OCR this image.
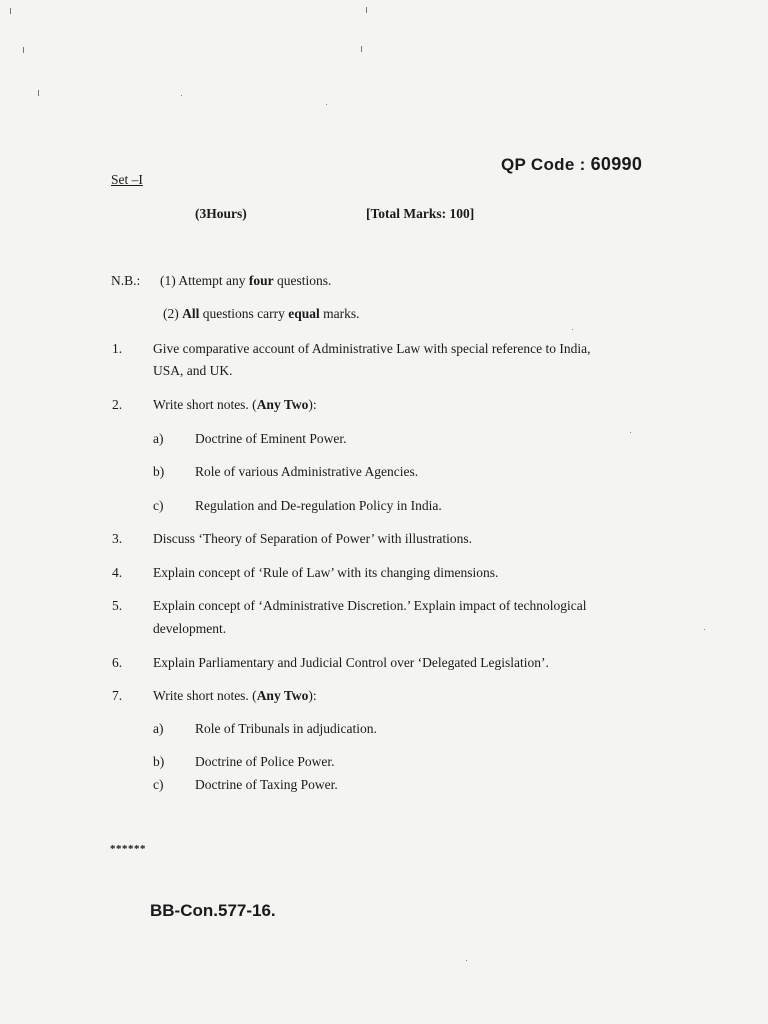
QP Code : 60990
Set –I
(3Hours)	[Total Marks: 100]
N.B.: (1) Attempt any four questions.
(2) All questions carry equal marks.
1. Give comparative account of Administrative Law with special reference to India,
USA, and UK.
2. Write short notes. (Any Two):
a) Doctrine of Eminent Power.
b) Role of various Administrative Agencies.
c) Regulation and De-regulation Policy in India.
3. Discuss ‘Theory of Separation of Power’ with illustrations.
4. Explain concept of ‘Rule of Law’ with its changing dimensions.
5. Explain concept of ‘Administrative Discretion.’ Explain impact of technological
development.
6. Explain Parliamentary and Judicial Control over ‘Delegated Legislation’.
7. Write short notes. (Any Two):
a) Role of Tribunals in adjudication.
b) Doctrine of Police Power.
c) Doctrine of Taxing Power.
******
BB-Con.577-16.
